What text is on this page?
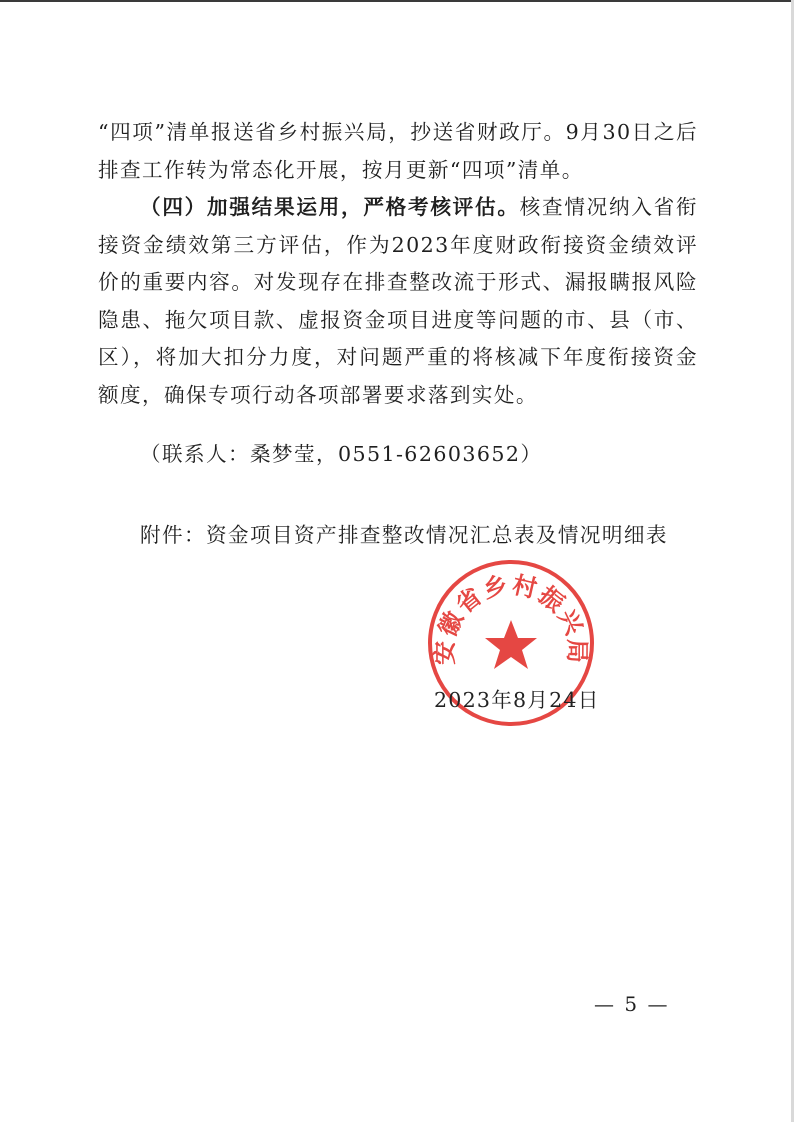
“四项”清单报送省乡村振兴局，抄送省财政厅。9月30日之后排查工作转为常态化开展，按月更新“四项”清单。

（四）加强结果运用，严格考核评估。核查情况纳入省衔接资金绩效第三方评估，作为2023年度财政衔接资金绩效评价的重要内容。对发现存在排查整改流于形式、漏报瞒报风险隐患、拖欠项目款、虚报资金项目进度等问题的市、县（市、区），将加大扣分力度，对问题严重的将核减下年度衔接资金额度，确保专项行动各项部署要求落到实处。

（联系人：桑梦莹，0551-62603652）
附件：资金项目资产排查整改情况汇总表及情况明细表
安徽省乡村振兴局
2023年8月24日
— 5 —
